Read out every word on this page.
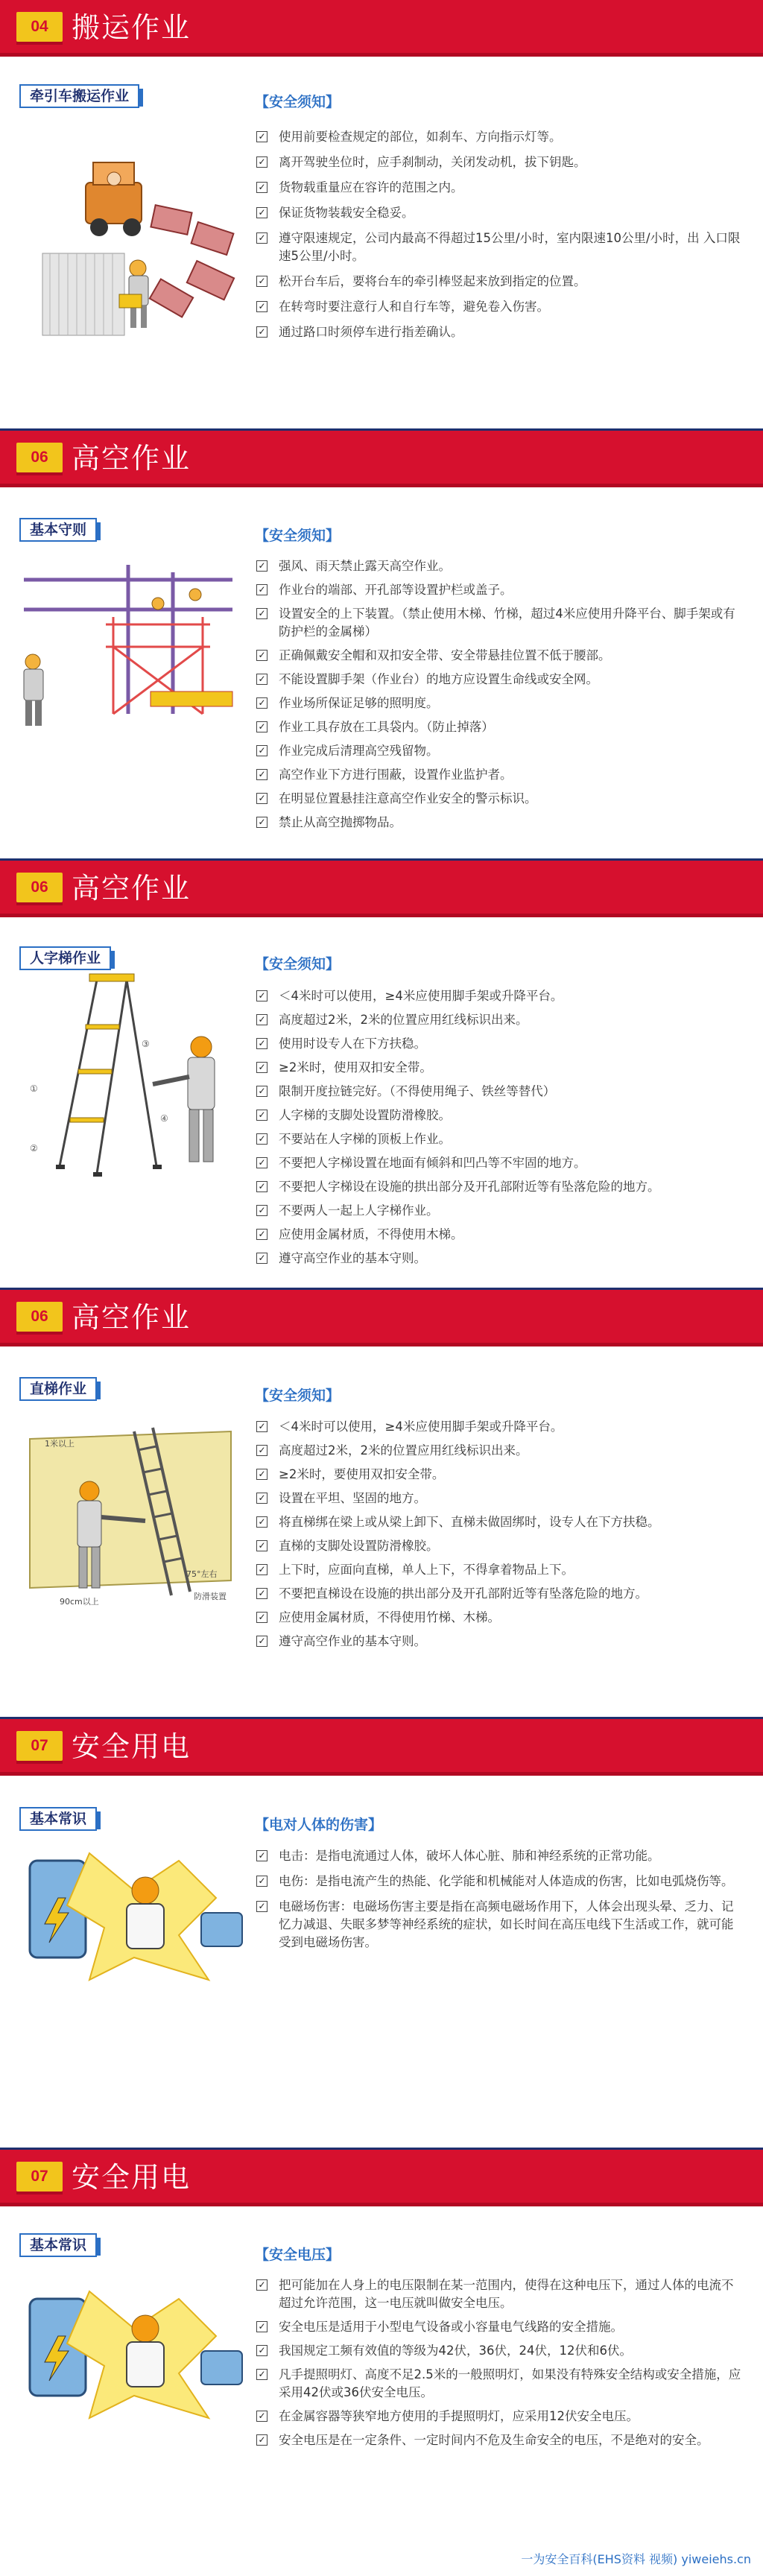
04 搬运作业
牵引车搬运作业	【安全须知】
✓
使用前要检查规定的部位，如刹车、方向指示灯等。
✓
离开驾驶坐位时，应手刹制动，关闭发动机，拔下钥匙。
✓
货物载重量应在容许的范围之内。
✓
保证货物装载安全稳妥。
✓
遵守限速规定，公司内最高不得超过15公里/小时，室内限速10公里/小时，出 入口限速5公里/小时。
✓
松开台车后，要将台车的牵引棒竖起来放到指定的位置。
✓
在转弯时要注意行人和自行车等，避免卷入伤害。
✓
通过路口时须停车进行指差确认。
06 高空作业
基本守则	【安全须知】
✓
强风、雨天禁止露天高空作业。
✓
作业台的端部、开孔部等设置护栏或盖子。
✓
设置安全的上下装置。（禁止使用木梯、竹梯，超过4米应使用升降平台、脚手架或有防护栏的金属梯）
✓
正确佩戴安全帽和双扣安全带、安全带悬挂位置不低于腰部。
✓
不能设置脚手架（作业台）的地方应设置生命线或安全网。
✓
作业场所保证足够的照明度。
✓
作业工具存放在工具袋内。（防止掉落）
✓
作业完成后清理高空残留物。
✓
高空作业下方进行围蔽，设置作业监护者。
✓
在明显位置悬挂注意高空作业安全的警示标识。
✓
禁止从高空抛掷物品。
06 高空作业
人字梯作业	【安全须知】
✓
＜4米时可以使用，≥4米应使用脚手架或升降平台。
✓
高度超过2米，2米的位置应用红线标识出来。
✓
使用时设专人在下方扶稳。
✓
≥2米时，使用双扣安全带。
✓
限制开度拉链完好。（不得使用绳子、铁丝等替代）
✓
人字梯的支脚处设置防滑橡胶。
✓
不要站在人字梯的顶板上作业。
✓
不要把人字梯设置在地面有倾斜和凹凸等不牢固的地方。
✓
不要把人字梯设在设施的拱出部分及开孔部附近等有坠落危险的地方。
✓
不要两人一起上人字梯作业。
✓
应使用金属材质，不得使用木梯。
✓
遵守高空作业的基本守则。
①
②
③
④
06 高空作业
直梯作业	【安全须知】
✓
＜4米时可以使用，≥4米应使用脚手架或升降平台。
✓
高度超过2米，2米的位置应用红线标识出来。
✓
≥2米时，要使用双扣安全带。
✓
设置在平坦、坚固的地方。
✓
将直梯绑在梁上或从梁上卸下、直梯未做固绑时，设专人在下方扶稳。
✓
直梯的支脚处设置防滑橡胶。
✓
上下时，应面向直梯，单人上下，不得拿着物品上下。
✓
不要把直梯设在设施的拱出部分及开孔部附近等有坠落危险的地方。
✓
应使用金属材质，不得使用竹梯、木梯。
✓
遵守高空作业的基本守则。
1米以上
75°左右
防滑装置
90cm以上
07 安全用电
基本常识	【电对人体的伤害】
✓
电击：是指电流通过人体，破坏人体心脏、肺和神经系统的正常功能。
✓
电伤：是指电流产生的热能、化学能和机械能对人体造成的伤害，比如电弧烧伤等。
✓
电磁场伤害：电磁场伤害主要是指在高频电磁场作用下，人体会出现头晕、乏力、记忆力减退、失眠多梦等神经系统的症状，如长时间在高压电线下生活或工作，就可能受到电磁场伤害。
07 安全用电
基本常识
【安全电压】
✓
把可能加在人身上的电压限制在某一范围内，使得在这种电压下，通过人体的电流不超过允许范围，这一电压就叫做安全电压。
✓
安全电压是适用于小型电气设备或小容量电气线路的安全措施。
✓
我国规定工频有效值的等级为42伏，36伏，24伏，12伏和6伏。
✓
凡手提照明灯、高度不足2.5米的一般照明灯，如果没有特殊安全结构或安全措施，应采用42伏或36伏安全电压。
✓
在金属容器等狭窄地方使用的手提照明灯，应采用12伏安全电压。
✓
安全电压是在一定条件、一定时间内不危及生命安全的电压，不是绝对的安全。
一为安全百科(EHS资料 视频) yiweiehs.cn
